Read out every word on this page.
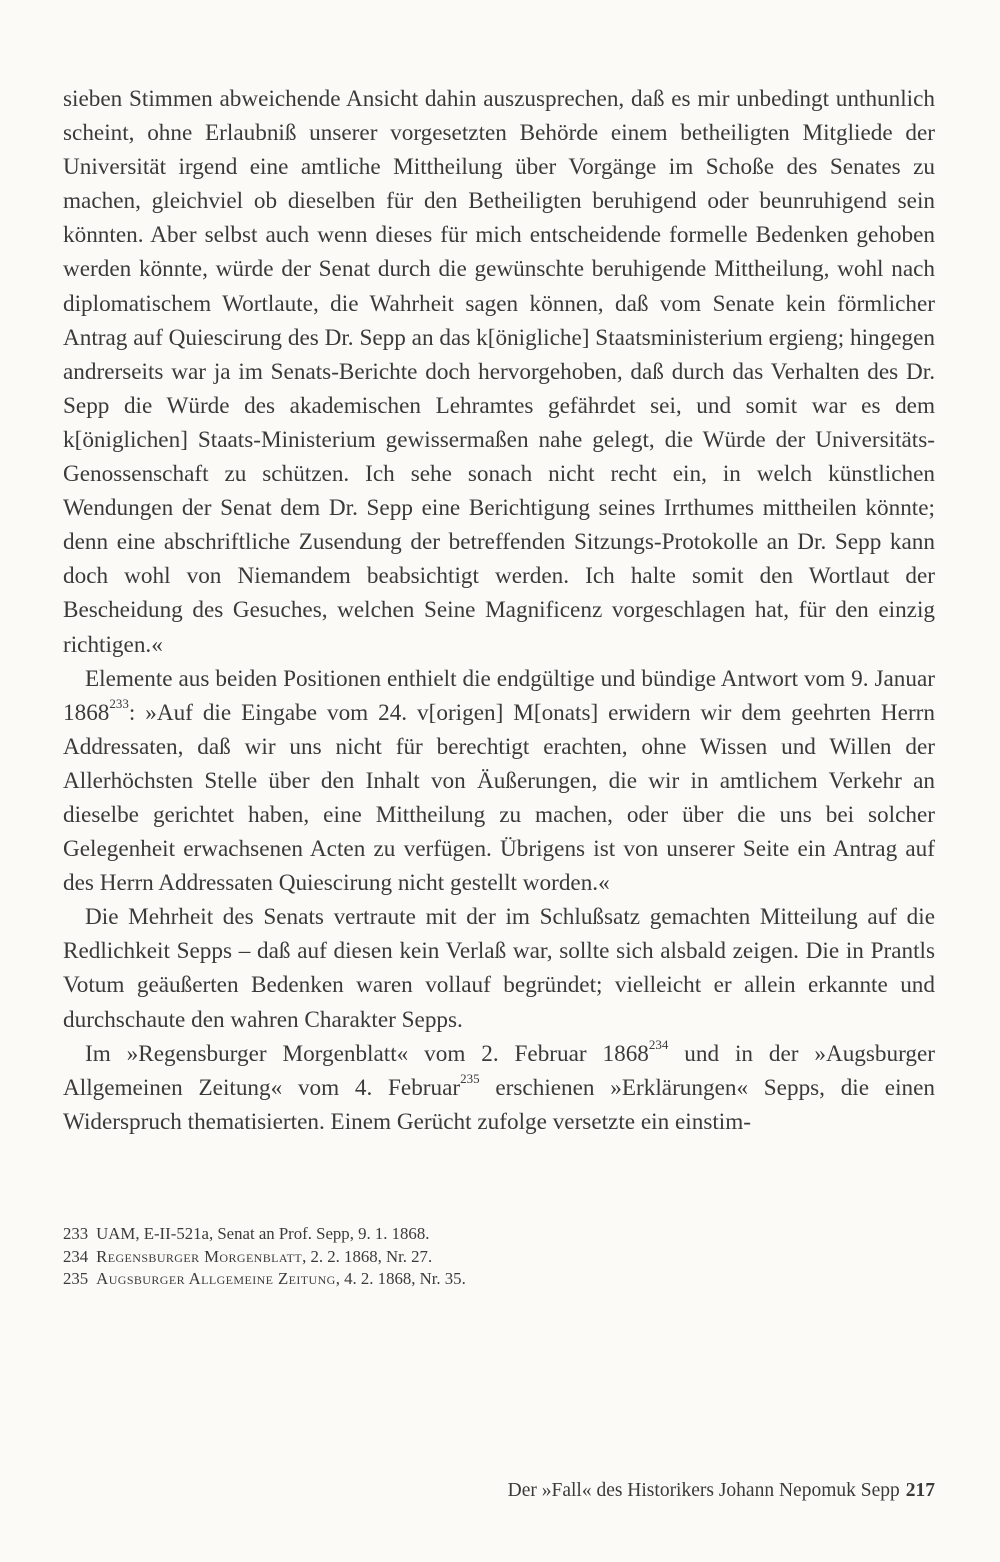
sieben Stimmen abweichende Ansicht dahin auszusprechen, daß es mir unbedingt unthunlich scheint, ohne Erlaubniß unserer vorgesetzten Behörde einem betheiligten Mitgliede der Universität irgend eine amtliche Mittheilung über Vorgänge im Schoße des Senates zu machen, gleichviel ob dieselben für den Betheiligten beruhigend oder beunruhigend sein könnten. Aber selbst auch wenn dieses für mich entscheidende formelle Bedenken gehoben werden könnte, würde der Senat durch die gewünschte beruhigende Mittheilung, wohl nach diplomatischem Wortlaute, die Wahrheit sagen können, daß vom Senate kein förmlicher Antrag auf Quiescirung des Dr. Sepp an das k[önigliche] Staatsministerium ergieng; hingegen andrerseits war ja im Senats-Berichte doch hervorgehoben, daß durch das Verhalten des Dr. Sepp die Würde des akademischen Lehramtes gefährdet sei, und somit war es dem k[öniglichen] Staats-Ministerium gewissermaßen nahe gelegt, die Würde der Universitäts-Genossenschaft zu schützen. Ich sehe sonach nicht recht ein, in welch künstlichen Wendungen der Senat dem Dr. Sepp eine Berichtigung seines Irrthumes mittheilen könnte; denn eine abschriftliche Zusendung der betreffenden Sitzungs-Protokolle an Dr. Sepp kann doch wohl von Niemandem beabsichtigt werden. Ich halte somit den Wortlaut der Bescheidung des Gesuches, welchen Seine Magnificenz vorgeschlagen hat, für den einzig richtigen.«

Elemente aus beiden Positionen enthielt die endgültige und bündige Antwort vom 9. Januar 1868$^{233}$: »Auf die Eingabe vom 24. v[origen] M[onats] erwidern wir dem geehrten Herrn Addressaten, daß wir uns nicht für berechtigt erachten, ohne Wissen und Willen der Allerhöchsten Stelle über den Inhalt von Äußerungen, die wir in amtlichem Verkehr an dieselbe gerichtet haben, eine Mittheilung zu machen, oder über die uns bei solcher Gelegenheit erwachsenen Acten zu verfügen. Übrigens ist von unserer Seite ein Antrag auf des Herrn Addressaten Quiescirung nicht gestellt worden.«

Die Mehrheit des Senats vertraute mit der im Schlußsatz gemachten Mitteilung auf die Redlichkeit Sepps – daß auf diesen kein Verlaß war, sollte sich alsbald zeigen. Die in Prantls Votum geäußerten Bedenken waren vollauf begründet; vielleicht er allein erkannte und durchschaute den wahren Charakter Sepps.

Im »Regensburger Morgenblatt« vom 2. Februar 1868$^{234}$ und in der »Augsburger Allgemeinen Zeitung« vom 4. Februar$^{235}$ erschienen »Erklärungen« Sepps, die einen Widerspruch thematisierten. Einem Gerücht zufolge versetzte ein einstim-

233 UAM, E-II-521a, Senat an Prof. Sepp, 9. 1. 1868.
234 Regensburger Morgenblatt, 2. 2. 1868, Nr. 27.
235 Augsburger Allgemeine Zeitung, 4. 2. 1868, Nr. 35.
Der »Fall« des Historikers Johann Nepomuk Sepp 217
